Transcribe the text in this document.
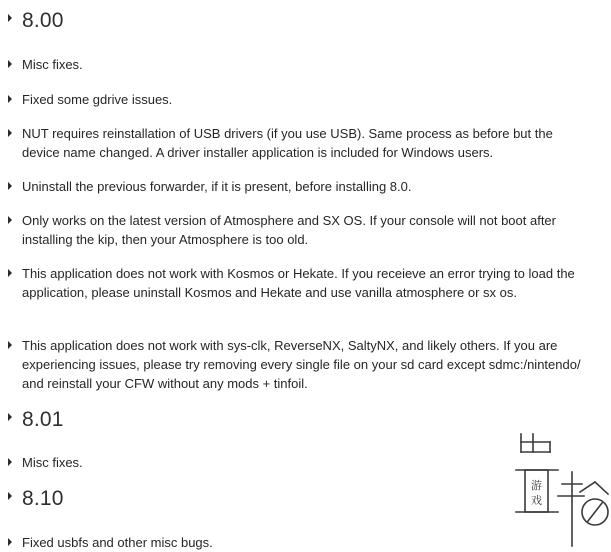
8.00
Misc fixes.
Fixed some gdrive issues.
NUT requires reinstallation of USB drivers (if you use USB). Same process as before but the device name changed. A driver installer application is included for Windows users.
Uninstall the previous forwarder, if it is present, before installing 8.0.
Only works on the latest version of Atmosphere and SX OS. If your console will not boot after installing the kip, then your Atmosphere is too old.
This application does not work with Kosmos or Hekate. If you receieve an error trying to load the application, please uninstall Kosmos and Hekate and use vanilla atmosphere or sx os.
This application does not work with sys-clk, ReverseNX, SaltyNX, and likely others. If you are experiencing issues, please try removing every single file on your sd card except sdmc:/nintendo/ and reinstall your CFW without any mods + tinfoil.
8.01
Misc fixes.
8.10
Fixed usbfs and other misc bugs.
游
戏
